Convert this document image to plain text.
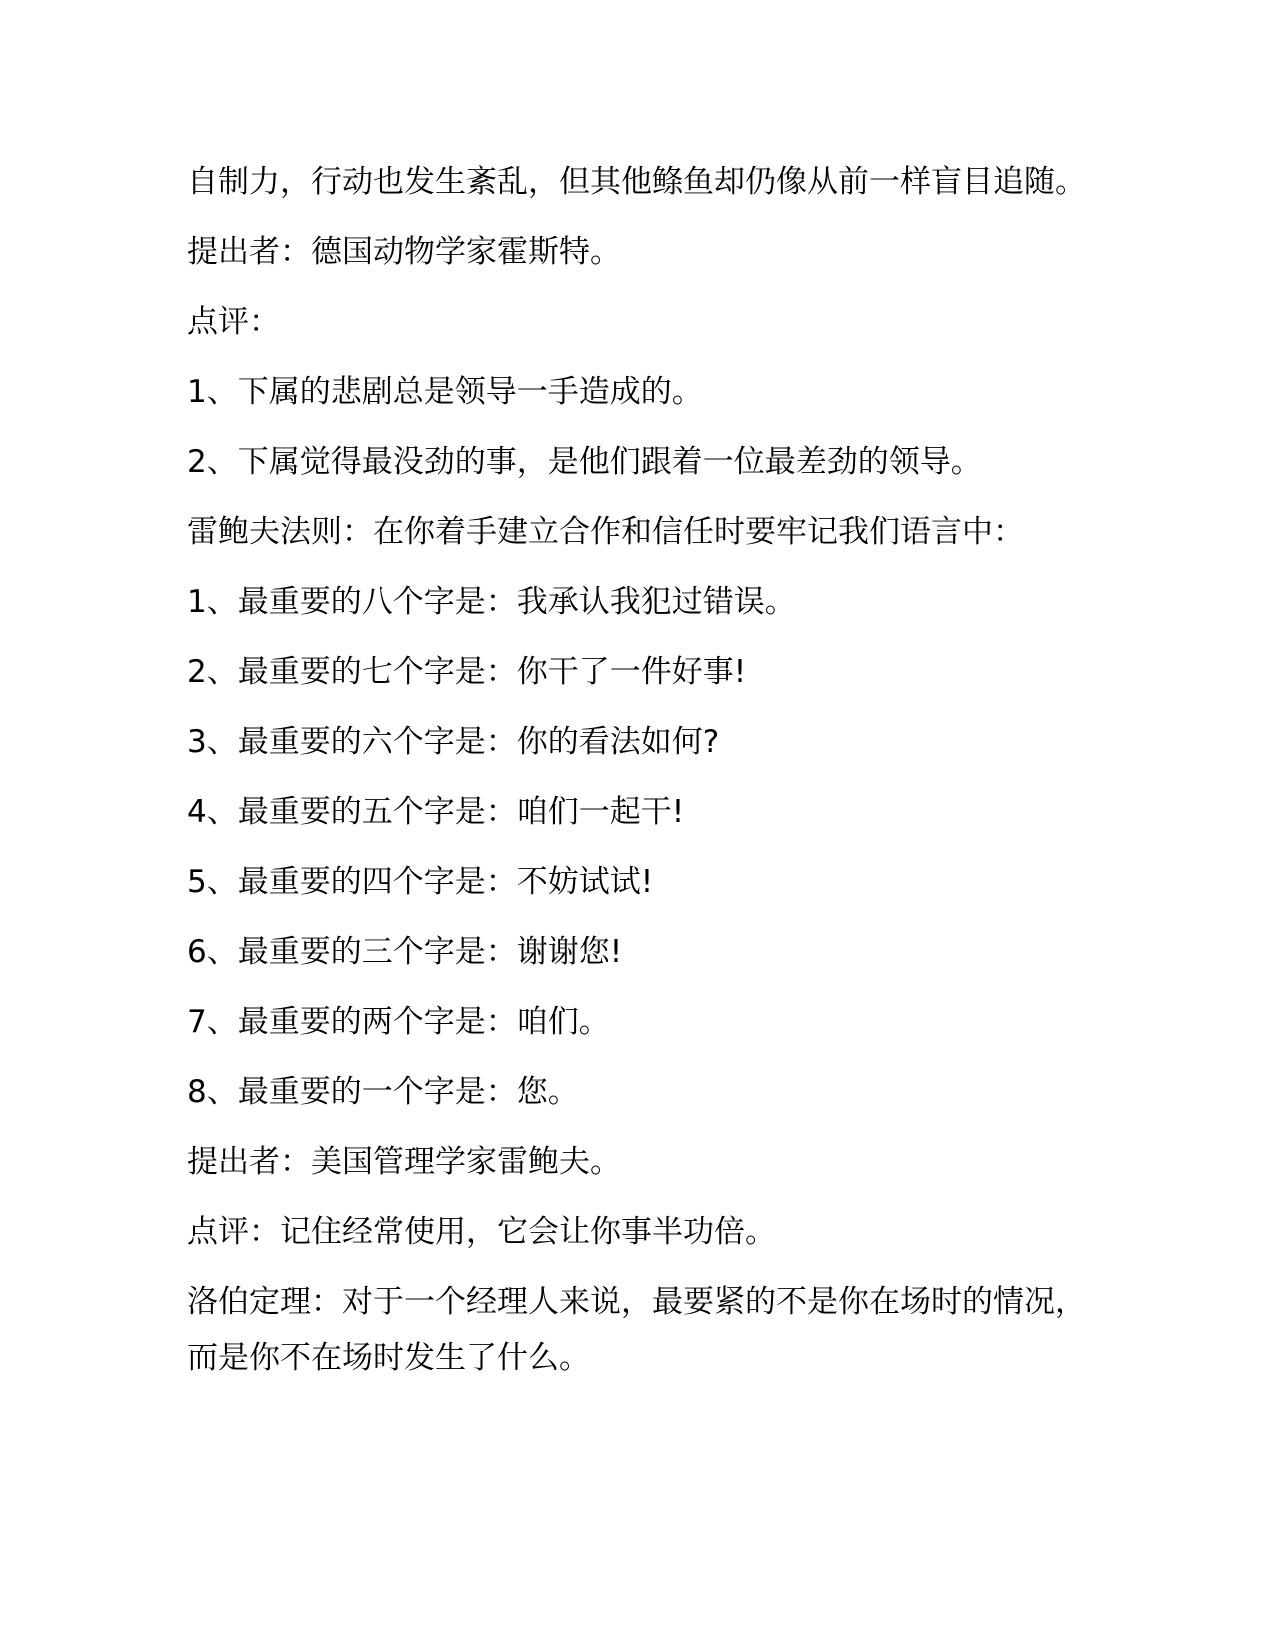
自制力，行动也发生紊乱，但其他鲦鱼却仍像从前一样盲目追随。

提出者：德国动物学家霍斯特。

点评：

1、下属的悲剧总是领导一手造成的。

2、下属觉得最没劲的事，是他们跟着一位最差劲的领导。

雷鲍夫法则：在你着手建立合作和信任时要牢记我们语言中：

1、最重要的八个字是：我承认我犯过错误。

2、最重要的七个字是：你干了一件好事!

3、最重要的六个字是：你的看法如何?

4、最重要的五个字是：咱们一起干!

5、最重要的四个字是：不妨试试!

6、最重要的三个字是：谢谢您!

7、最重要的两个字是：咱们。

8、最重要的一个字是：您。

提出者：美国管理学家雷鲍夫。

点评：记住经常使用，它会让你事半功倍。

洛伯定理：对于一个经理人来说，最要紧的不是你在场时的情况，而是你不在场时发生了什么。
